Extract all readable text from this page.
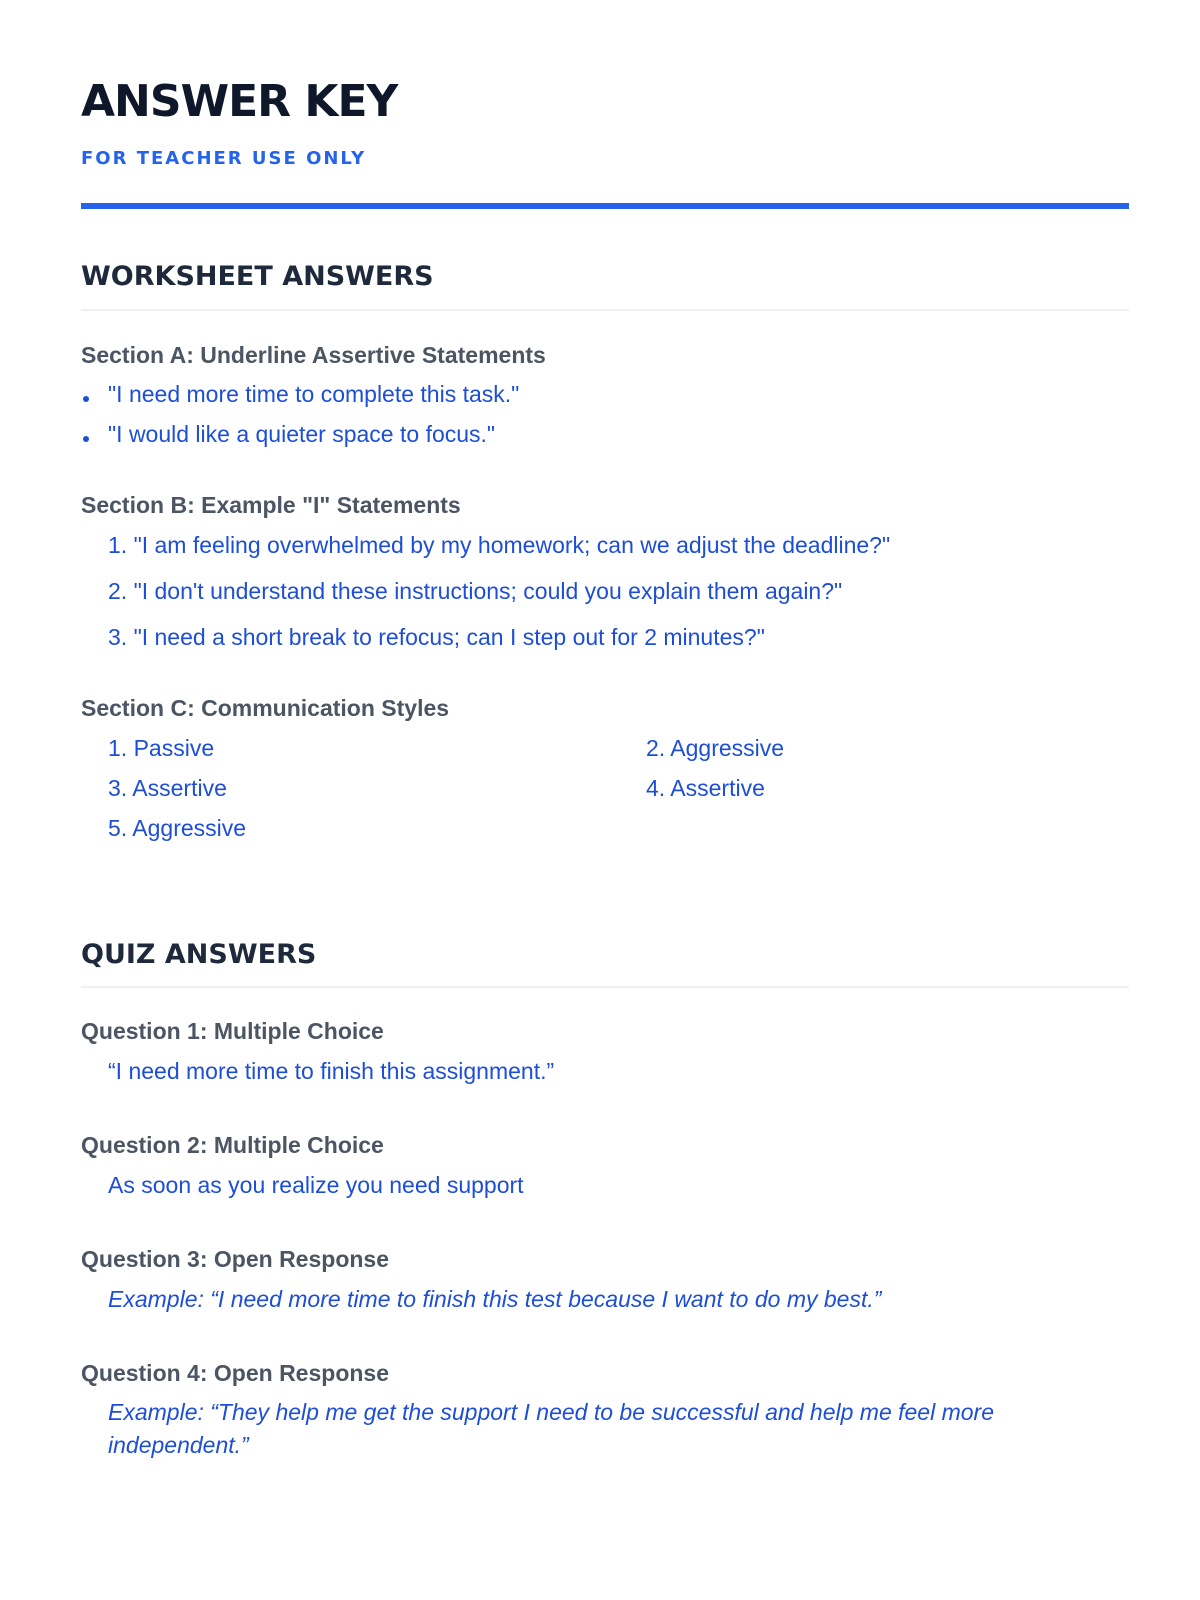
ANSWER KEY
FOR TEACHER USE ONLY
WORKSHEET ANSWERS
Section A: Underline Assertive Statements
"I need more time to complete this task."
"I would like a quieter space to focus."
Section B: Example "I" Statements
1. "I am feeling overwhelmed by my homework; can we adjust the deadline?"
2. "I don't understand these instructions; could you explain them again?"
3. "I need a short break to refocus; can I step out for 2 minutes?"
Section C: Communication Styles
1. Passive	2. Aggressive
3. Assertive	4. Assertive
5. Aggressive
QUIZ ANSWERS
Question 1: Multiple Choice
“I need more time to finish this assignment.”
Question 2: Multiple Choice
As soon as you realize you need support
Question 3: Open Response
Example: “I need more time to finish this test because I want to do my best.”
Question 4: Open Response
Example: “They help me get the support I need to be successful and help me feel more independent.”
